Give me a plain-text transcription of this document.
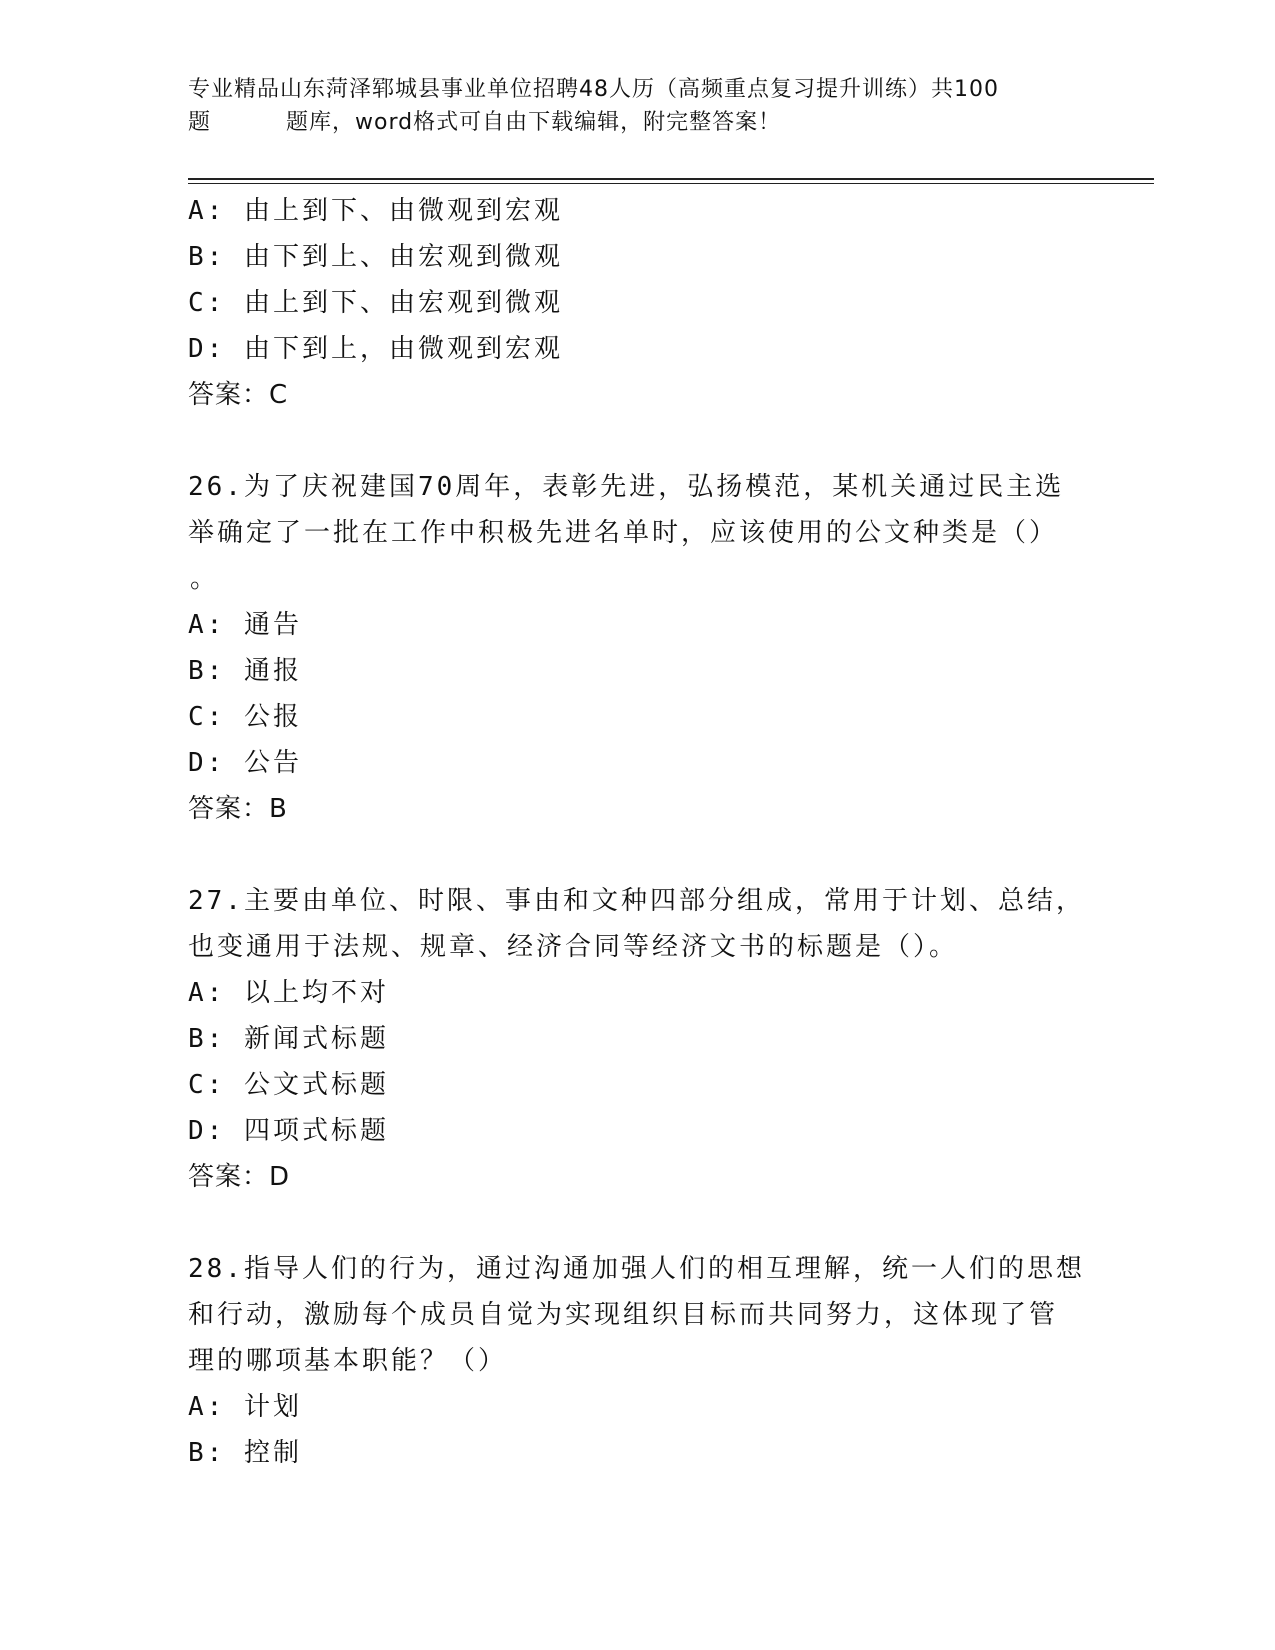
专业精品山东菏泽郓城县事业单位招聘48人历（高频重点复习提升训练）共100
题	题库，word格式可自由下载编辑，附完整答案！
A: 由上到下、由微观到宏观
B: 由下到上、由宏观到微观
C: 由上到下、由宏观到微观
D: 由下到上，由微观到宏观
答案：C
26.为了庆祝建国70周年，表彰先进，弘扬模范，某机关通过民主选
举确定了一批在工作中积极先进名单时，应该使用的公文种类是（）
。
A: 通告
B: 通报
C: 公报
D: 公告
答案：B
27.主要由单位、时限、事由和文种四部分组成，常用于计划、总结，
也变通用于法规、规章、经济合同等经济文书的标题是（）。
A: 以上均不对
B: 新闻式标题
C: 公文式标题
D: 四项式标题
答案：D
28.指导人们的行为，通过沟通加强人们的相互理解，统一人们的思想
和行动，激励每个成员自觉为实现组织目标而共同努力，这体现了管
理的哪项基本职能？（）
A: 计划
B: 控制
